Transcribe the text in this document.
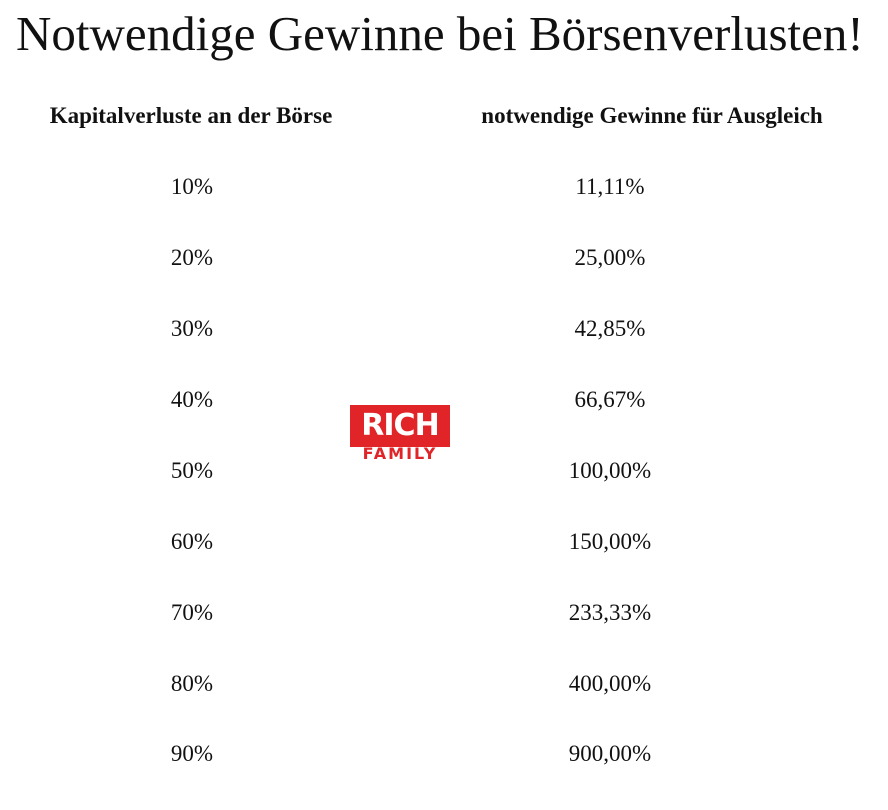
Notwendige Gewinne bei Börsenverlusten!
Kapitalverluste an der Börse	notwendige Gewinne für Ausgleich
10%	11,11%
20%	25,00%
30%	42,85%
40%	66,67%
50%	100,00%
60%	150,00%
70%	233,33%
80%	400,00%
90%	900,00%
RICH
FAMILY
